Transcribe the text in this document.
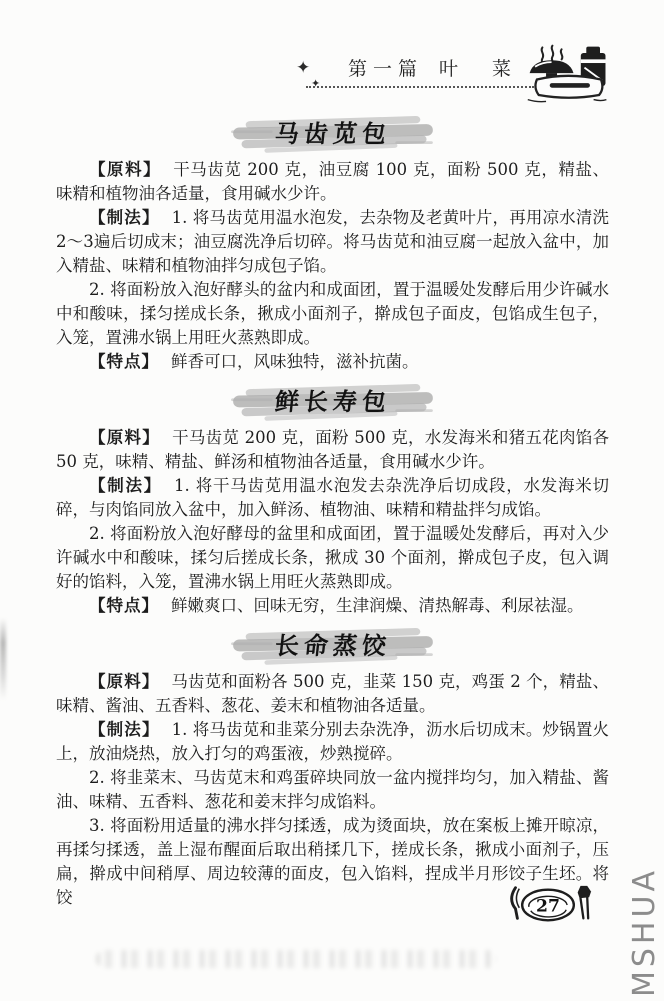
✦
✦
第一篇 叶 菜
马齿苋包

【原料】 干马齿苋 200 克，油豆腐 100 克，面粉 500 克，精盐、味精和植物油各适量，食用碱水少许。

【制法】 1. 将马齿苋用温水泡发，去杂物及老黄叶片，再用凉水清洗2～3遍后切成末；油豆腐洗净后切碎。将马齿苋和油豆腐一起放入盆中，加入精盐、味精和植物油拌匀成包子馅。

2. 将面粉放入泡好酵头的盆内和成面团，置于温暖处发酵后用少许碱水中和酸味，揉匀搓成长条，揪成小面剂子，擀成包子面皮，包馅成生包子，入笼，置沸水锅上用旺火蒸熟即成。

【特点】 鲜香可口，风味独特，滋补抗菌。

鲜长寿包

【原料】 干马齿苋 200 克，面粉 500 克，水发海米和猪五花肉馅各 50 克，味精、精盐、鲜汤和植物油各适量，食用碱水少许。

【制法】 1. 将干马齿苋用温水泡发去杂洗净后切成段，水发海米切碎，与肉馅同放入盆中，加入鲜汤、植物油、味精和精盐拌匀成馅。

2. 将面粉放入泡好酵母的盆里和成面团，置于温暖处发酵后，再对入少许碱水中和酸味，揉匀后搓成长条，揪成 30 个面剂，擀成包子皮，包入调好的馅料，入笼，置沸水锅上用旺火蒸熟即成。

【特点】 鲜嫩爽口、回味无穷，生津润燥、清热解毒、利尿祛湿。

长命蒸饺

【原料】 马齿苋和面粉各 500 克，韭菜 150 克，鸡蛋 2 个，精盐、味精、酱油、五香料、葱花、姜末和植物油各适量。

【制法】 1. 将马齿苋和韭菜分别去杂洗净，沥水后切成末。炒锅置火上，放油烧热，放入打匀的鸡蛋液，炒熟搅碎。

2. 将韭菜末、马齿苋末和鸡蛋碎块同放一盆内搅拌均匀，加入精盐、酱油、味精、五香料、葱花和姜末拌匀成馅料。

3. 将面粉用适量的沸水拌匀揉透，成为烫面块，放在案板上摊开晾凉，再揉匀揉透，盖上湿布醒面后取出稍揉几下，搓成长条，揪成小面剂子，压扁，擀成中间稍厚、周边较薄的面皮，包入馅料，捏成半月形饺子生坯。将饺	27 MSHUA
